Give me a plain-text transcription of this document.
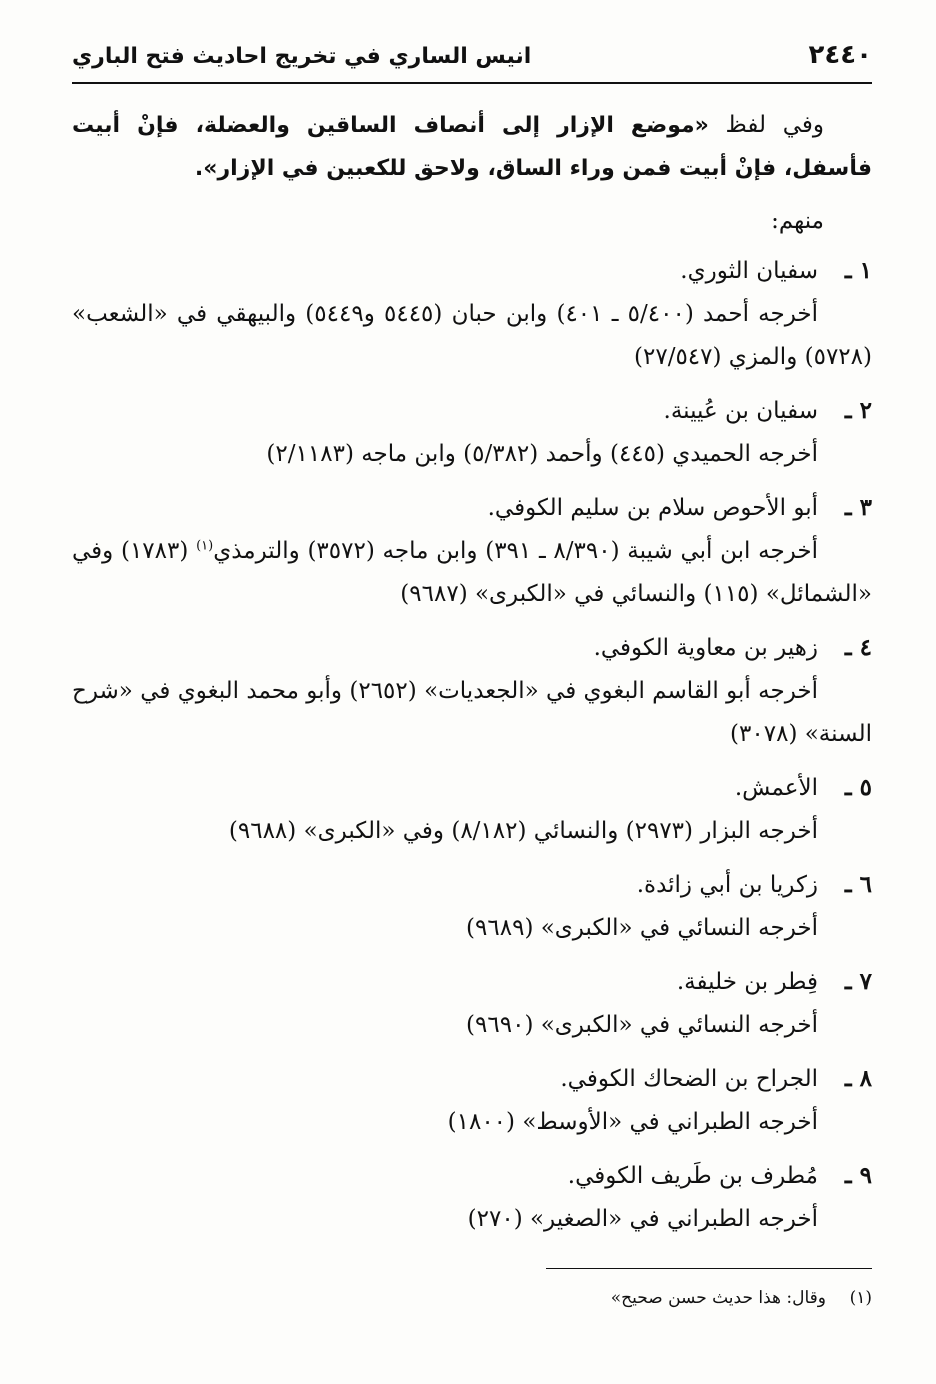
٢٤٤٠
انيس الساري في تخريج احاديث فتح الباري

وفي لفظ «موضع الإزار إلى أنصاف الساقين والعضلة، فإنْ أبيت فأسفل، فإنْ أبيت فمن وراء الساق، ولاحق للكعبين في الإزار».

منهم:

١ ـسفيان الثوري.

أخرجه أحمد (٥/٤٠٠ ـ ٤٠١) وابن حبان (٥٤٤٥ و٥٤٤٩) والبيهقي في «الشعب» (٥٧٢٨) والمزي (٢٧/٥٤٧)

٢ ـسفيان بن عُيينة.

أخرجه الحميدي (٤٤٥) وأحمد (٥/٣٨٢) وابن ماجه (٢/١١٨٣)

٣ ـأبو الأحوص سلام بن سليم الكوفي.

أخرجه ابن أبي شيبة (٨/٣٩٠ ـ ٣٩١) وابن ماجه (٣٥٧٢) والترمذي$^{(١)}$ (١٧٨٣) وفي «الشمائل» (١١٥) والنسائي في «الكبرى» (٩٦٨٧)

٤ ـزهير بن معاوية الكوفي.

أخرجه أبو القاسم البغوي في «الجعديات» (٢٦٥٢) وأبو محمد البغوي في «شرح السنة» (٣٠٧٨)

٥ ـالأعمش.

أخرجه البزار (٢٩٧٣) والنسائي (٨/١٨٢) وفي «الكبرى» (٩٦٨٨)

٦ ـزكريا بن أبي زائدة.

أخرجه النسائي في «الكبرى» (٩٦٨٩)

٧ ـفِطر بن خليفة.

أخرجه النسائي في «الكبرى» (٩٦٩٠)

٨ ـالجراح بن الضحاك الكوفي.

أخرجه الطبراني في «الأوسط» (١٨٠٠)

٩ ـمُطرف بن طَريف الكوفي.

أخرجه الطبراني في «الصغير» (٢٧٠)

(١)وقال: هذا حديث حسن صحيح»
